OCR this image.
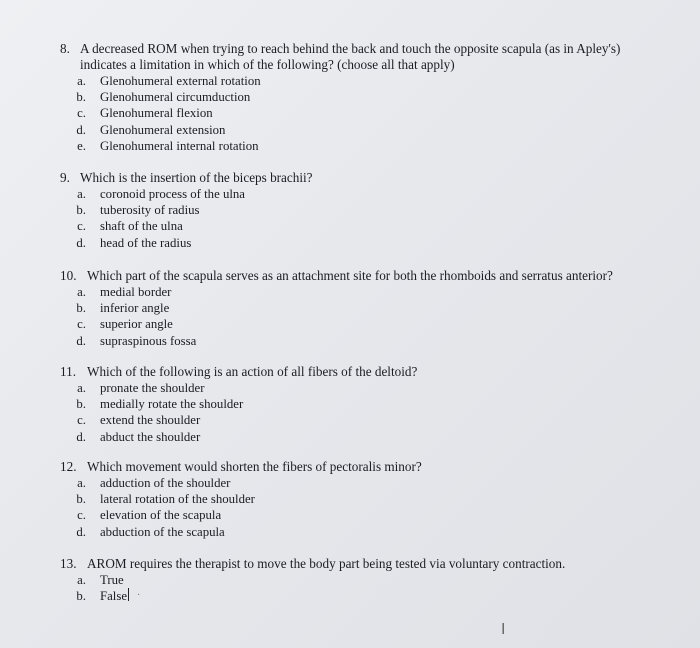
8. A decreased ROM when trying to reach behind the back and touch the opposite scapula (as in Apley's)
indicates a limitation in which of the following? (choose all that apply)
a. Glenohumeral external rotation
b. Glenohumeral circumduction
c. Glenohumeral flexion
d. Glenohumeral extension
e. Glenohumeral internal rotation
9. Which is the insertion of the biceps brachii?
a. coronoid process of the ulna
b. tuberosity of radius
c. shaft of the ulna
d. head of the radius
10. Which part of the scapula serves as an attachment site for both the rhomboids and serratus anterior?
a. medial border
b. inferior angle
c. superior angle
d. supraspinous fossa
11. Which of the following is an action of all fibers of the deltoid?
a. pronate the shoulder
b. medially rotate the shoulder
c. extend the shoulder
d. abduct the shoulder
12. Which movement would shorten the fibers of pectoralis minor?
a. adduction of the shoulder
b. lateral rotation of the shoulder
c. elevation of the scapula
d. abduction of the scapula
13. AROM requires the therapist to move the body part being tested via voluntary contraction.
a. True
b. False ·
I
